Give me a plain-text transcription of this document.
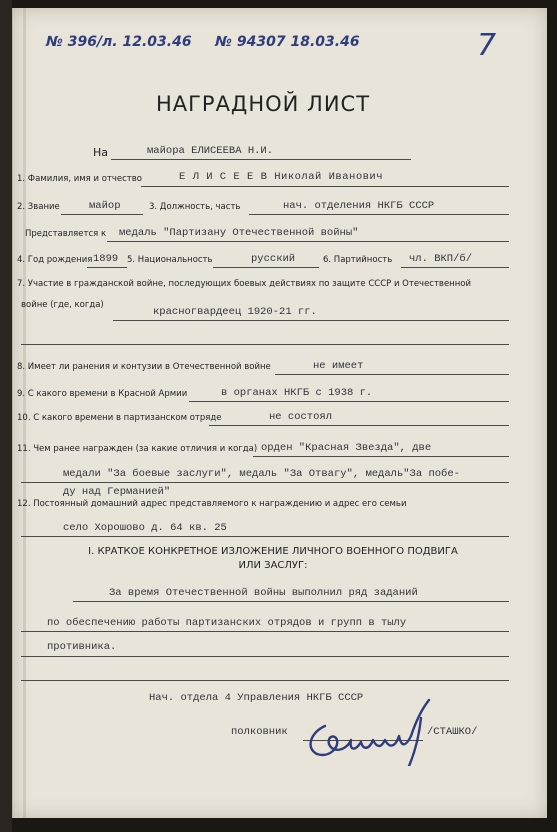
№ 396/л. 12.03.46 № 94307 18.03.46	7
НАГРАДНОЙ ЛИСТ
На	майора ЕЛИСЕЕВА Н.И.
1. Фамилия, имя и отчество	Е Л И С Е Е В Николай Иванович
2. Звание	майор	3. Должность, часть	нач. отделения НКГБ СССР
Представляется к медаль "Партизану Отечественной войны"
4. Год рождения 1899 5. Национальность	русский	6. Партийность чл. ВКП/б/
7. Участие в гражданской войне, последующих боевых действиях по защите СССР и Отечественной
войне (где, когда)
красногвардеец 1920-21 гг.
8. Имеет ли ранения и контузии в Отечественной войне	не имеет
9. С какого времени в Красной Армии	в органах НКГБ с 1938 г.
10. С какого времени в партизанском отряде	не состоял
11. Чем ранее награжден (за какие отличия и когда) орден "Красная Звезда", две
медали "За боевые заслуги", медаль "За Отвагу", медаль"За побе-
ду над Германией"
12. Постоянный домашний адрес представляемого к награждению и адрес его семьи
село Хорошово д. 64 кв. 25
I. КРАТКОЕ КОНКРЕТНОЕ ИЗЛОЖЕНИЕ ЛИЧНОГО ВОЕННОГО ПОДВИГА
ИЛИ ЗАСЛУГ:
За время Отечественной войны выполнил ряд заданий
по обеспечению работы партизанских отрядов и групп в тылу
противника.
Нач. отдела 4 Управления НКГБ СССР
полковник	/СТАШКО/
